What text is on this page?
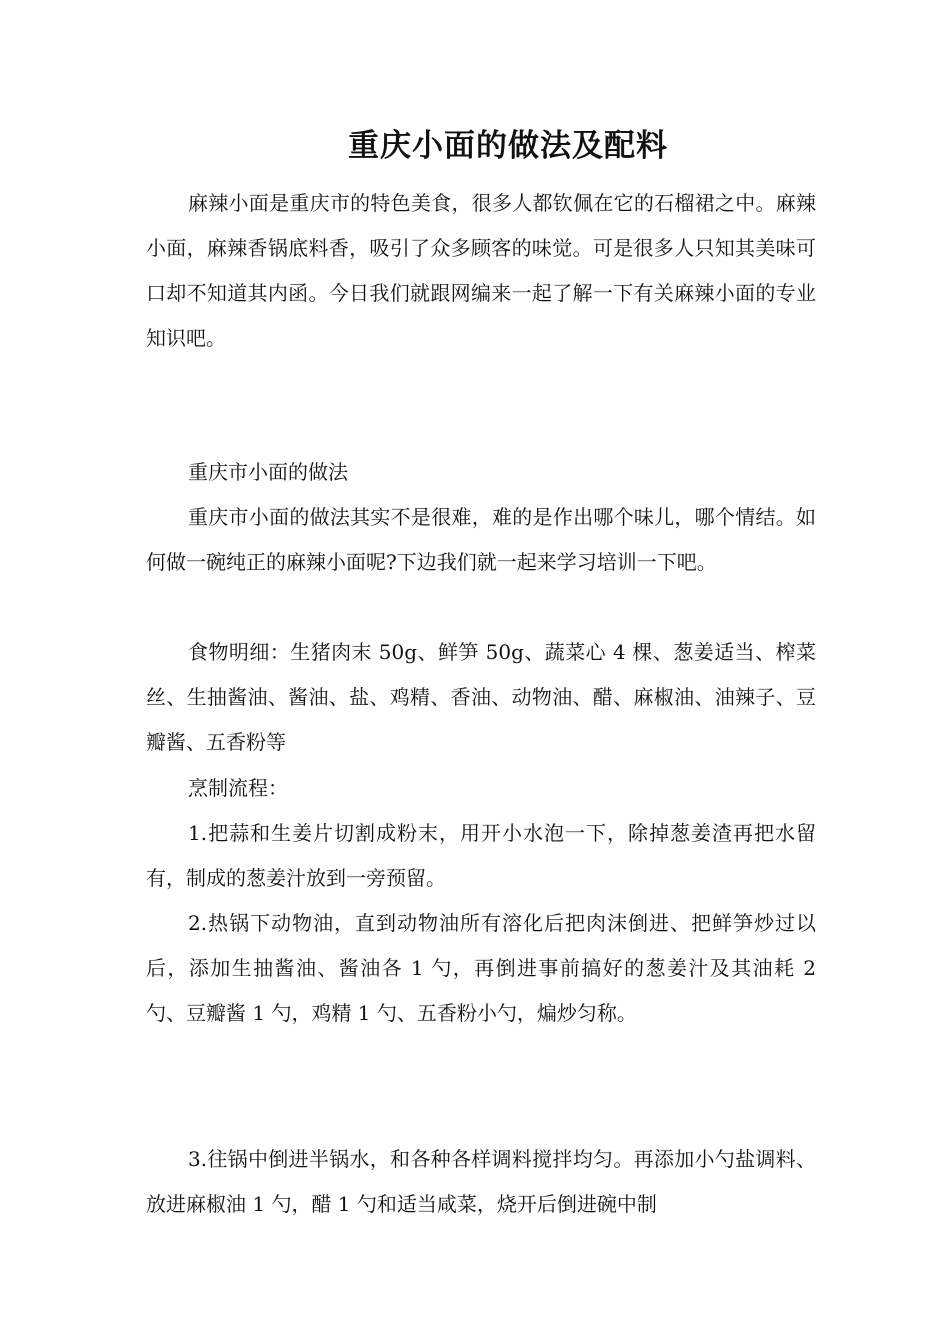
重庆小面的做法及配料

麻辣小面是重庆市的特色美食，很多人都钦佩在它的石榴裙之中。麻辣小面，麻辣香锅底料香，吸引了众多顾客的味觉。可是很多人只知其美味可口却不知道其内函。今日我们就跟网编来一起了解一下有关麻辣小面的专业知识吧。

重庆市小面的做法

重庆市小面的做法其实不是很难，难的是作出哪个味儿，哪个情结。如何做一碗纯正的麻辣小面呢?下边我们就一起来学习培训一下吧。

食物明细：生猪肉末 50g、鲜笋 50g、蔬菜心 4 棵、葱姜适当、榨菜丝、生抽酱油、酱油、盐、鸡精、香油、动物油、醋、麻椒油、油辣子、豆瓣酱、五香粉等

烹制流程：

1.把蒜和生姜片切割成粉末，用开小水泡一下，除掉葱姜渣再把水留有，制成的葱姜汁放到一旁预留。

2.热锅下动物油，直到动物油所有溶化后把肉沫倒进、把鲜笋炒过以后，添加生抽酱油、酱油各 1 勺，再倒进事前搞好的葱姜汁及其油耗 2 勺、豆瓣酱 1 勺，鸡精 1 勺、五香粉小勺，煸炒匀称。

3.往锅中倒进半锅水，和各种各样调料搅拌均匀。再添加小勺盐调料、放进麻椒油 1 勺，醋 1 勺和适当咸菜，烧开后倒进碗中制
